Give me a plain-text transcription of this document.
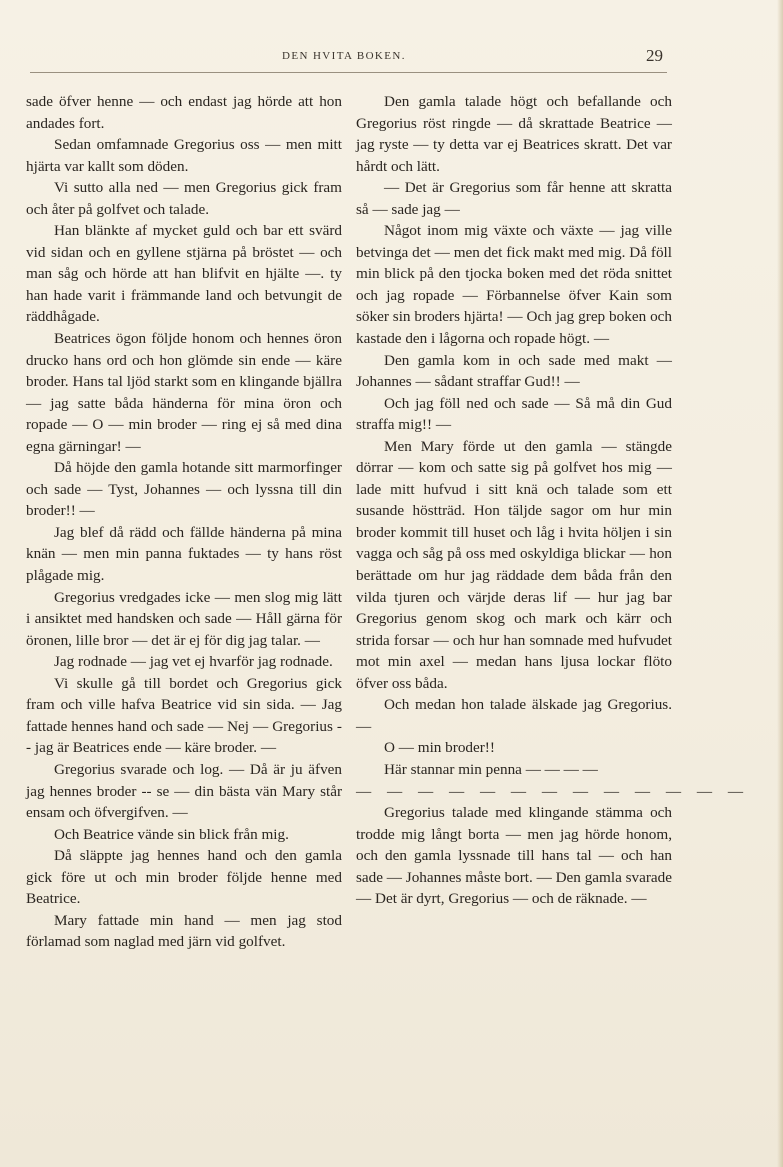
DEN HVITA BOKEN.	29

sade öfver henne — och endast jag hörde att hon andades fort.

Sedan omfamnade Gregorius oss — men mitt hjärta var kallt som döden.

Vi sutto alla ned — men Gregorius gick fram och åter på golfvet och talade.

Han blänkte af mycket guld och bar ett svärd vid sidan och en gyllene stjärna på bröstet — och man såg och hörde att han blifvit en hjälte —. ty han hade varit i främmande land och betvungit de räddhågade.

Beatrices ögon följde honom och hennes öron drucko hans ord och hon glömde sin ende — käre broder. Hans tal ljöd starkt som en klingande bjällra — jag satte båda händerna för mina öron och ropade — O — min broder — ring ej så med dina egna gärningar! —

Då höjde den gamla hotande sitt marmorfinger och sade — Tyst, Johannes — och lyssna till din broder!! —

Jag blef då rädd och fällde händerna på mina knän — men min panna fuktades — ty hans röst plågade mig.

Gregorius vredgades icke — men slog mig lätt i ansiktet med handsken och sade — Håll gärna för öronen, lille bror — det är ej för dig jag talar. —

Jag rodnade — jag vet ej hvarför jag rodnade.

Vi skulle gå till bordet och Gregorius gick fram och ville hafva Beatrice vid sin sida. — Jag fattade hennes hand och sade — Nej — Gregorius -- jag är Beatrices ende — käre broder. —

Gregorius svarade och log. — Då är ju äfven jag hennes broder -- se — din bästa vän Mary står ensam och öfvergifven. —

Och Beatrice vände sin blick från mig.

Då släppte jag hennes hand och den gamla gick före ut och min broder följde henne med Beatrice.

Mary fattade min hand — men jag stod förlamad som naglad med järn vid golfvet.

Den gamla talade högt och befallande och Gregorius röst ringde — då skrattade Beatrice — jag ryste — ty detta var ej Beatrices skratt. Det var hårdt och lätt.

— Det är Gregorius som får henne att skratta så — sade jag —

Något inom mig växte och växte — jag ville betvinga det — men det fick makt med mig. Då föll min blick på den tjocka boken med det röda snittet och jag ropade — Förbannelse öfver Kain som söker sin broders hjärta! — Och jag grep boken och kastade den i lågorna och ropade högt. —

Den gamla kom in och sade med makt — Johannes — sådant straffar Gud!! —

Och jag föll ned och sade — Så må din Gud straffa mig!! —

Men Mary förde ut den gamla — stängde dörrar — kom och satte sig på golfvet hos mig — lade mitt hufvud i sitt knä och talade som ett susande höstträd. Hon täljde sagor om hur min broder kommit till huset och låg i hvita höljen i sin vagga och såg på oss med oskyldiga blickar — hon berättade om hur jag räddade dem båda från den vilda tjuren och värjde deras lif — hur jag bar Gregorius genom skog och mark och kärr och strida forsar — och hur han somnade med hufvudet mot min axel — medan hans ljusa lockar flöto öfver oss båda.

Och medan hon talade älskade jag Gregorius. —

O — min broder!!

Här stannar min penna — — — —

— — — — — — — — — — — — —

Gregorius talade med klingande stämma och trodde mig långt borta — men jag hörde honom, och den gamla lyssnade till hans tal — och han sade — Johannes måste bort. — Den gamla svarade — Det är dyrt, Gregorius — och de räknade. —
